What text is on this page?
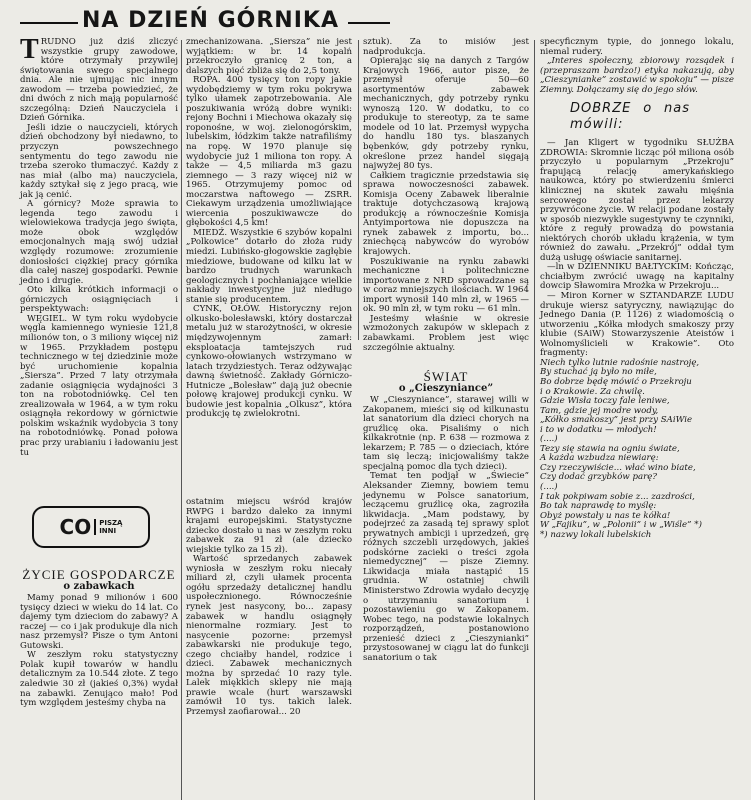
NA DZIEŃ GÓRNIKA

TRUDNO już dziś zliczyć wszystkie grupy zawodowe, które otrzymały przywilej świętowania swego specjalnego dnia. Ale nie ujmując nic innym zawodom — trzeba powiedzieć, że dni dwóch z nich mają popularność szczególną: Dzień Nauczyciela i Dzień Górnika.

Jeśli idzie o nauczycieli, których dzień obchodzony był niedawno, to przyczyn powszechnego sentymentu do tego zawodu nie trzeba szeroko tłumaczyć. Każdy z nas miał (albo ma) nauczyciela, każdy sztykał się z jego pracą, wie jak ją cenić.

A górnicy? Może sprawia to legenda tego zawodu i wielowiekowa tradycja jego święta, może obok względów emocjonalnych mają swój udział względy rozumowe: zrozumienie doniosłości ciężkiej pracy górnika dla całej naszej gospodarki. Pewnie jedno i drugie.

Oto kilka krótkich informacji o górniczych osiągnięciach i perspektywach:

WĘGIEL. W tym roku wydobycie węgla kamiennego wyniesie 121,8 milionów ton, o 3 miliony więcej niż w 1965. Przykładem postępu technicznego w tej dziedzinie może być uruchomienie kopalnia „Siersza”. Przed 7 laty otrzymała zadanie osiągnięcia wydajności 3 ton na robotodniówkę. Cel ten zrealizowała w 1964, a w tym roku osiągnęła rekordowy w górnictwie polskim wskaźnik wydobycia 3 tony na robotodniówkę. Ponad połowa prac przy urabianiu i ładowaniu jest tu

zmechanizowana. „Siersza” nie jest wyjątkiem: w br. 14 kopalń przekroczyło granicę 2 ton, a dalszych pięć zbliża się do 2,5 tony.

ROPA. 400 tysięcy ton ropy jakie wydobędziemy w tym roku pokrywa tylko ułamek zapotrzebowania. Ale poszukiwania wróżą dobre wyniki: rejony Bochni i Miechowa okazały się roponośne, w woj. zielonogórskim, lubelskim, łódzkim także natrafiliśmy na ropę. W 1970 planuje się wydobycie już 1 miliona ton ropy. A także — 4,5 miliarda m3 gazu ziemnego — 3 razy więcej niż w 1965. Otrzymujemy pomoc od moczarstwa naftowego — ZSRR. Ciekawym urządzenia umożliwiające wiercenia poszukiwawcze do głębokości 4,5 km!

MIEDŹ. Wszystkie 6 szybów kopalni „Polkowice” dotarło do złoża rudy miedzi. Lubińsko-głogowskie zagłębie miedziowe, budowane od kilku lat w bardzo trudnych warunkach geologicznych i pochłaniające wielkie nakłady inwestycyjne już niedługo stanie się producentem.

CYNK, OŁÓW. Historyczny rejon olkusko-bolesławski, który dostarczał metalu już w starożytności, w okresie międzywojennym zamarł: eksploatacja tamtejszych rud cynkowo-ołowianych wstrzymano w latach trzydziestych. Teraz odżywając dawną świetność. Zakłady Górniczo-Hutnicze „Bolesław” dają już obecnie połowę krajowej produkcji cynku. W budowie jest kopalnia „Olkusz”, która produkcję tę zwielokrotni.

sztuk). Za to misiów jest nadprodukcja.

Opierając się na danych z Targów Krajowych 1966, autor pisze, że przemysł oferuje 50—60 asortymentów zabawek mechanicznych, gdy potrzeby rynku wynoszą 120. W dodatku, to co produkuje to stereotyp, za te same modele od 10 lat. Przemysł wypycha do handlu 180 tys. blaszanych bębenków, gdy potrzeby rynku, określone przez handel sięgają najwyżej 80 tys.

Całkiem tragicznie przedstawia się sprawa nowoczesności zabawek. Komisja Oceny Zabawek liberalnie traktuje dotychczasową krajową produkcję a równocześnie Komisja Antyimportowa nie dopuszcza na rynek zabawek z importu, bo... zniechęcą nabywców do wyrobów krajowych.

Poszukiwanie na rynku zabawki mechaniczne i politechniczne importowane z NRD sprowadzane są w coraz mniejszych ilościach. W 1964 import wynosił 140 mln zł, w 1965 — ok. 90 mln zł, w tym roku — 61 mln.

Jesteśmy właśnie w okresie wzmożonych zakupów w sklepach z zabawkami. Problem jest więc szczególnie aktualny.

specyficznym typie, do jonnego lokalu, niemal rudery.

„Interes społeczny, zbiorowy rozsądek i (przepraszam bardzo!) etyka nakazują, aby „Cieszynianke” zostawić w spokoju” — pisze Ziemny. Dołączamy się do jego słów.

DOBRZE o nas mówili:

— Jan Kligert w tygodniku SŁUŻBA ZDROWIA: Skromnie licząc pół miliona osób przyczyło u popularnym „Przekroju” frapującą relację amerykańskiego naukowca, który po stwierdzeniu śmierci klinicznej na skutek zawału mięśnia sercowego został przez lekarzy przywrócone życie. W relacji podane zostały w sposób niezwykle sugestywny te czynniki, które z reguły prowadzą do powstania niektórych chorób układu krążenia, w tym również do zawału. „Przekrój” oddał tym dużą usługę oświacie sanitarnej.

—ln w DZIENNIKU BAŁTYCKIM: Kończąc, chciałbym zwrócić uwagę na kapitalny dowcip Sławomira Mrożka w Przekroju...

— Miron Korner w SZTANDARZE LUDU drukuje wiersz satyryczny, nawiązując do Jednego Dania (P. 1126) z wiadomością o utworzeniu „Kółka młodych smakoszy przy klubie (SAiW) Stowarzyszenie Ateistów i Wolnomyślicieli w Krakowie”. Oto fragmenty:

Niech tylko lutnie radośnie nastroję,

By stuchać ją było no miłe,

Bo dobrze będę mówić o Przekroju

i o Krakowie. Za chwilę.

Gdzie Wisła toczy fale leniwe,

Tam, gdzie jej modre wody,

„Kółko smakoszy” jest przy SAiWie

i to w dodatku — młodych!

(....)

Tezy się stawia na ogniu świate,

A każda wzbudza niewiarę:

Czy rzeczywiście... włać wino biate,

Czy dodać grzybków parę?

(....)

I tak pokpiwam sobie z... zazdrości,

Bo tak naprawdę to myślę:

Obyż powstały u nas te kółka!

W „Fajiku”, w „Polonii” i w „Wiśle” *)

*) nazwy lokali lubelskich

CO	PISZĄ
INNI
ŻYCIE GOSPODARCZE
o zabawkach

Mamy ponad 9 milionów i 600 tysięcy dzieci w wieku do 14 lat. Co dajemy tym dzieciom do zabawy? A raczej — co i jak produkuje dla nich nasz przemysł? Pisze o tym Antoni Gutowski.

W zeszłym roku statystyczny Polak kupił towarów w handlu detalicznym za 10.544 złote. Z tego zaledwie 30 zł (jakieś 0,3%) wydał na zabawki. Zenująco mało! Pod tym względem jesteśmy chyba na

ostatnim miejscu wśród krajów RWPG i bardzo daleko za innymi krajami europejskimi. Statystyczne dziecko dostało u nas w zeszłym roku zabawek za 91 zł (ale dziecko wiejskie tylko za 15 zł).

Wartość sprzedanych zabawek wyniosła w zeszłym roku niecały miliard zł, czyli ułamek procenta ogółu sprzedaży detalicznej handlu uspołecznionego. Równocześnie rynek jest nasycony, bo... zapasy zabawek w handlu osiągnęły nienormalne rozmiary. Jest to nasycenie pozorne: przemysł zabawkarski nie produkuje tego, czego chciałby handel, rodzice i dzieci. Zabawek mechanicznych można by sprzedać 10 razy tyle. Lalek miękkich sklepy nie mają prawie wcale (hurt warszawski zamówił 10 tys. takich lalek. Przemysł zaofiarował... 20

ŚWIAT
o „Cieszyniance”

W „Cieszyniance”, starawej willi w Zakopanem, mieści się od kilkunastu lat sanatorium dla dzieci chorych na gruźlicę oka. Pisaliśmy o nich kilkakrotnie (np. P. 638 — rozmowa z lekarzem; P. 785 — o dzieciach, które tam się leczą; inicjowaliśmy także specjalną pomoc dla tych dzieci).

Temat ten podjął w „Świecie” Aleksander Ziemny, bowiem temu jedynemu w Polsce sanatorium, leczącemu gruźlicę oka, zagroziła likwidacja. „Mam podstawy, by podejrzeć za zasadą tej sprawy splot prywatnych ambicji i uprzedzeń, grę różnych szczebli urzędowych, jakieś podskórne zacieki o treści zgoła niemedycznej” — pisze Ziemny. Likwidacja miała nastąpić 15 grudnia. W ostatniej chwili Ministerstwo Zdrowia wydało decyzję o utrzymaniu sanatorium i pozostawieniu go w Zakopanem. Wobec tego, na podstawie lokalnych rozporządzeń, postanowiono przenieść dzieci z „Cieszynianki” przystosowanej w ciągu lat do funkcji sanatorium o tak
